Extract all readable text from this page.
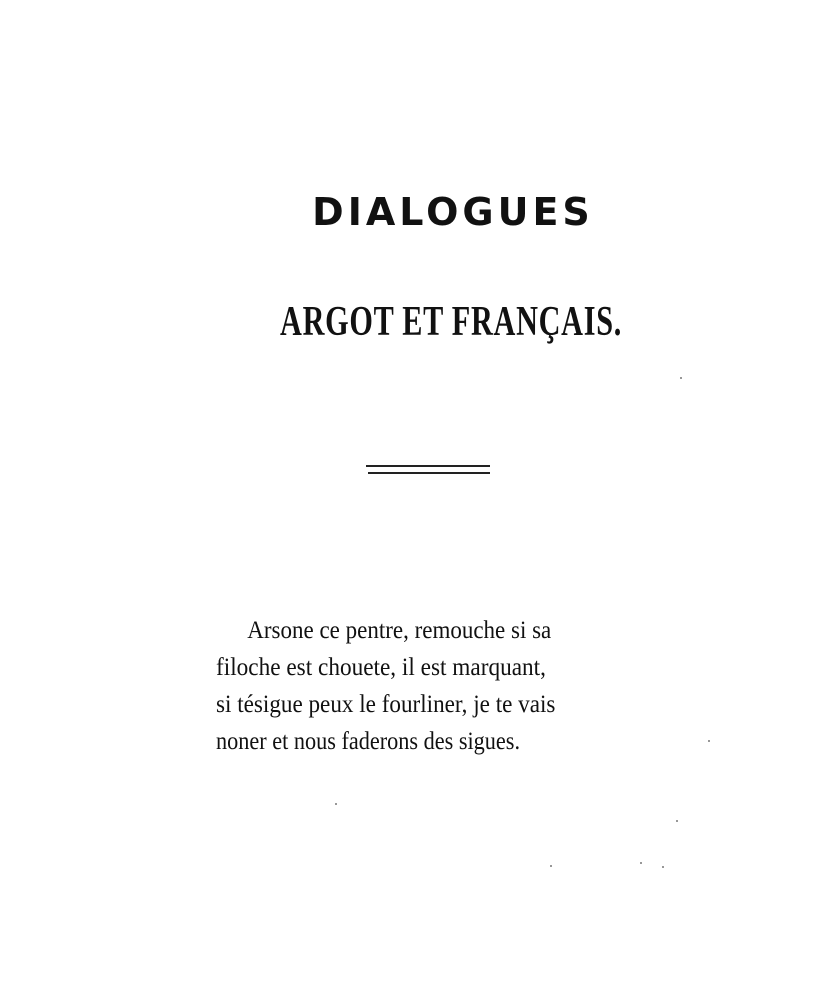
DIALOGUES
ARGOT ET FRANÇAIS.
Arsone ce pentre, remouche si sa
filoche est chouete, il est marquant,
si tésigue peux le fourliner, je te vais
noner et nous faderons des sigues.
